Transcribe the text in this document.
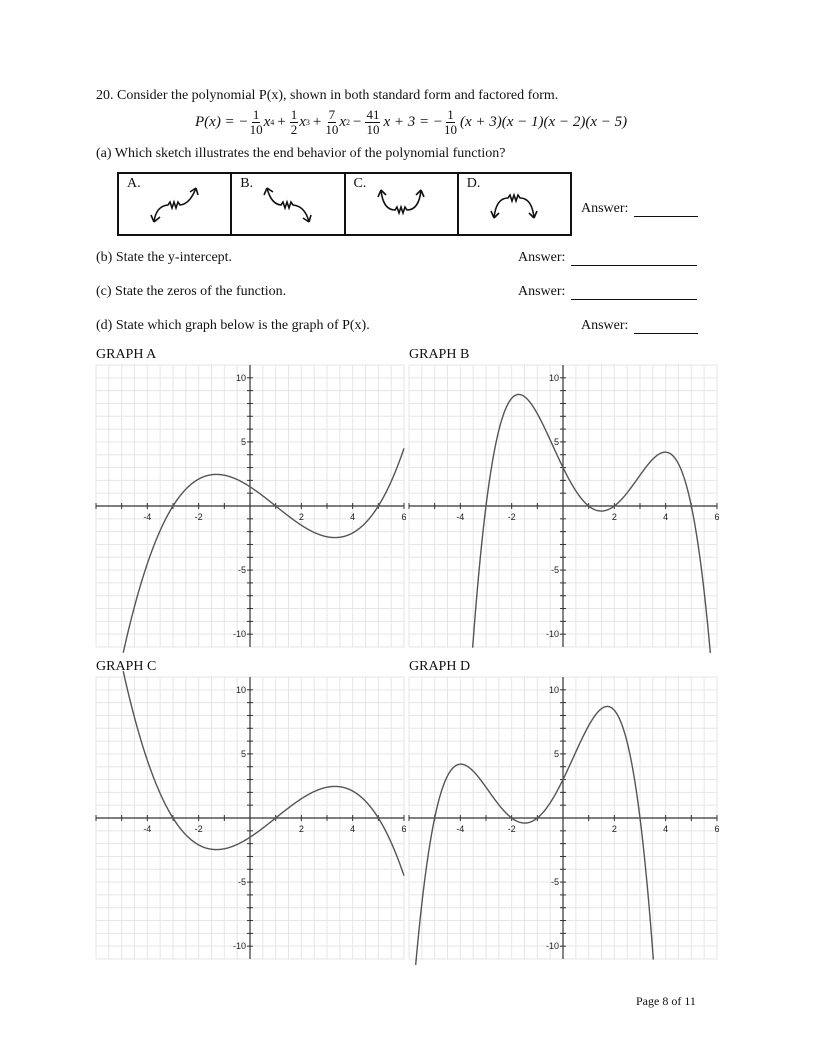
20. Consider the polynomial P(x), shown in both standard form and factored form.
P(x) = − $\frac{1}{10}$ x $4 + \frac{1}{2}$ x $3 + \frac{7}{10}$ x $2 - \frac{41}{10}$ x + 3 = − $\frac{1}{10} (x + 3)(x - 1)(x - 2)(x - 5)$
(a) Which sketch illustrates the end behavior of the polynomial function?
A.	B.	C.	D.
Answer:
(b) State the y-intercept.	Answer:
(c) State the zeros of the function.	Answer:
(d) State which graph below is the graph of P(x).	Answer:
GRAPH A	GRAPH B
GRAPH C	GRAPH D
-4	-2	2	4	6
-10
-5
5
10
-4	-2	2	4	6
-10
-5
5
10
-4	-2	2	4	6
-10
-5
5
10
-4	-2	2	4	6
-10
-5
5
10
Page 8 of 11
